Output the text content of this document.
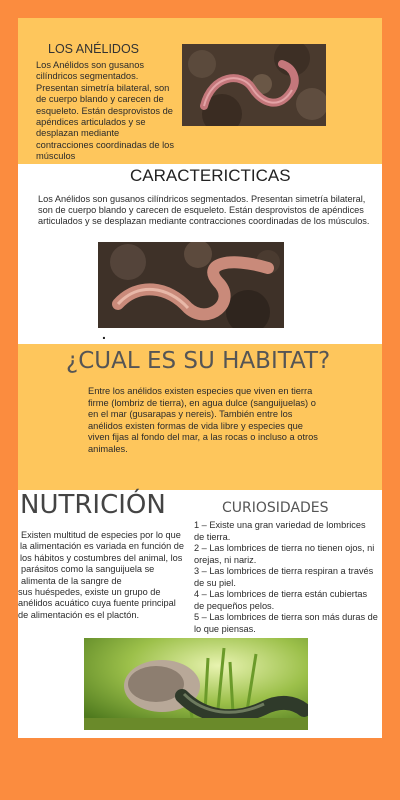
LOS ANÉLIDOS
Los Anélidos son gusanos cilíndricos segmentados. Presentan simetría bilateral, son de cuerpo blando y carecen de esqueleto. Están desprovistos de apéndices articulados y se desplazan mediante contracciones coordinadas de los músculos
CARACTERICTICAS
Los Anélidos son gusanos cilíndricos segmentados. Presentan simetría bilateral, son de cuerpo blando y carecen de esqueleto. Están desprovistos de apéndices articulados y se desplazan mediante contracciones coordinadas de los músculos.
.
¿CUAL ES SU HABITAT?
Entre los anélidos existen especies que viven en tierra firme (lombriz de tierra), en agua dulce (sanguijuelas) o en el mar (gusarapas y nereis). También entre los anélidos existen formas de vida libre y especies que viven fijas al fondo del mar, a las rocas o incluso a otros animales.
NUTRICIÓN
Existen multitud de especies por lo que
la alimentación es variada en función de
los hábitos y costumbres del animal, los
parásitos como la sanguijuela se
alimenta de la sangre de
sus huéspedes, existe un grupo de
anélidos acuático cuya fuente principal
de alimentación es el plactón.
CURIOSIDADES
1 – Existe una gran variedad de lombrices de tierra.
2 – Las lombrices de tierra no tienen ojos, ni orejas, ni nariz.
3 – Las lombrices de tierra respiran a través de su piel.
4 – Las lombrices de tierra están cubiertas de pequeños pelos.
5 – Las lombrices de tierra son más duras de lo que piensas.
